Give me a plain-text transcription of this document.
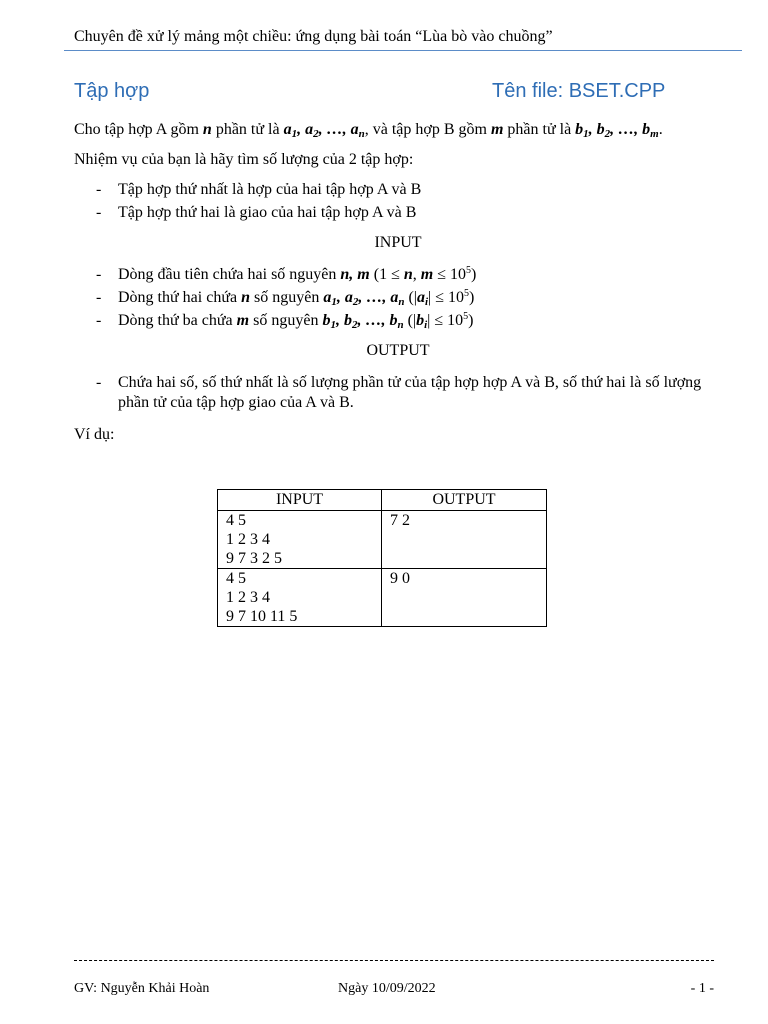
Chuyên đề xử lý mảng một chiều: ứng dụng bài toán “Lùa bò vào chuồng”
Tập hợp	Tên file: BSET.CPP

Cho tập hợp A gồm n phần tử là $a_1$, $a_2$, …, $a_n$, và tập hợp B gồm m phần tử là $b_1$, $b_2$, …, $b_m$.

Nhiệm vụ của bạn là hãy tìm số lượng của 2 tập hợp:

- Tập hợp thứ nhất là hợp của hai tập hợp A và B
- Tập hợp thứ hai là giao của hai tập hợp A và B

INPUT

- Dòng đầu tiên chứa hai số nguyên n, m (1 ≤ n, $m \le 10^5$)
- Dòng thứ hai chứa n số nguyên $a_1$, $a_2$, …, $a_n$ $(|a_i| \le 10^5)$
- Dòng thứ ba chứa m số nguyên $b_1$, $b_2$, …, $b_n$ $(|b_i| \le 10^5)$

OUTPUT

- Chứa hai số, số thứ nhất là số lượng phần tử của tập hợp hợp A và B, số thứ hai là số lượng phần tử của tập hợp giao của A và B.

Ví dụ:

INPUT	OUTPUT

4 5
1 2 3 4
9 7 3 2 5	7 2

4 5
1 2 3 4
9 7 10 11 5	9 0
GV: Nguyễn Khải Hoàn	Ngày 10/09/2022	- 1 -
